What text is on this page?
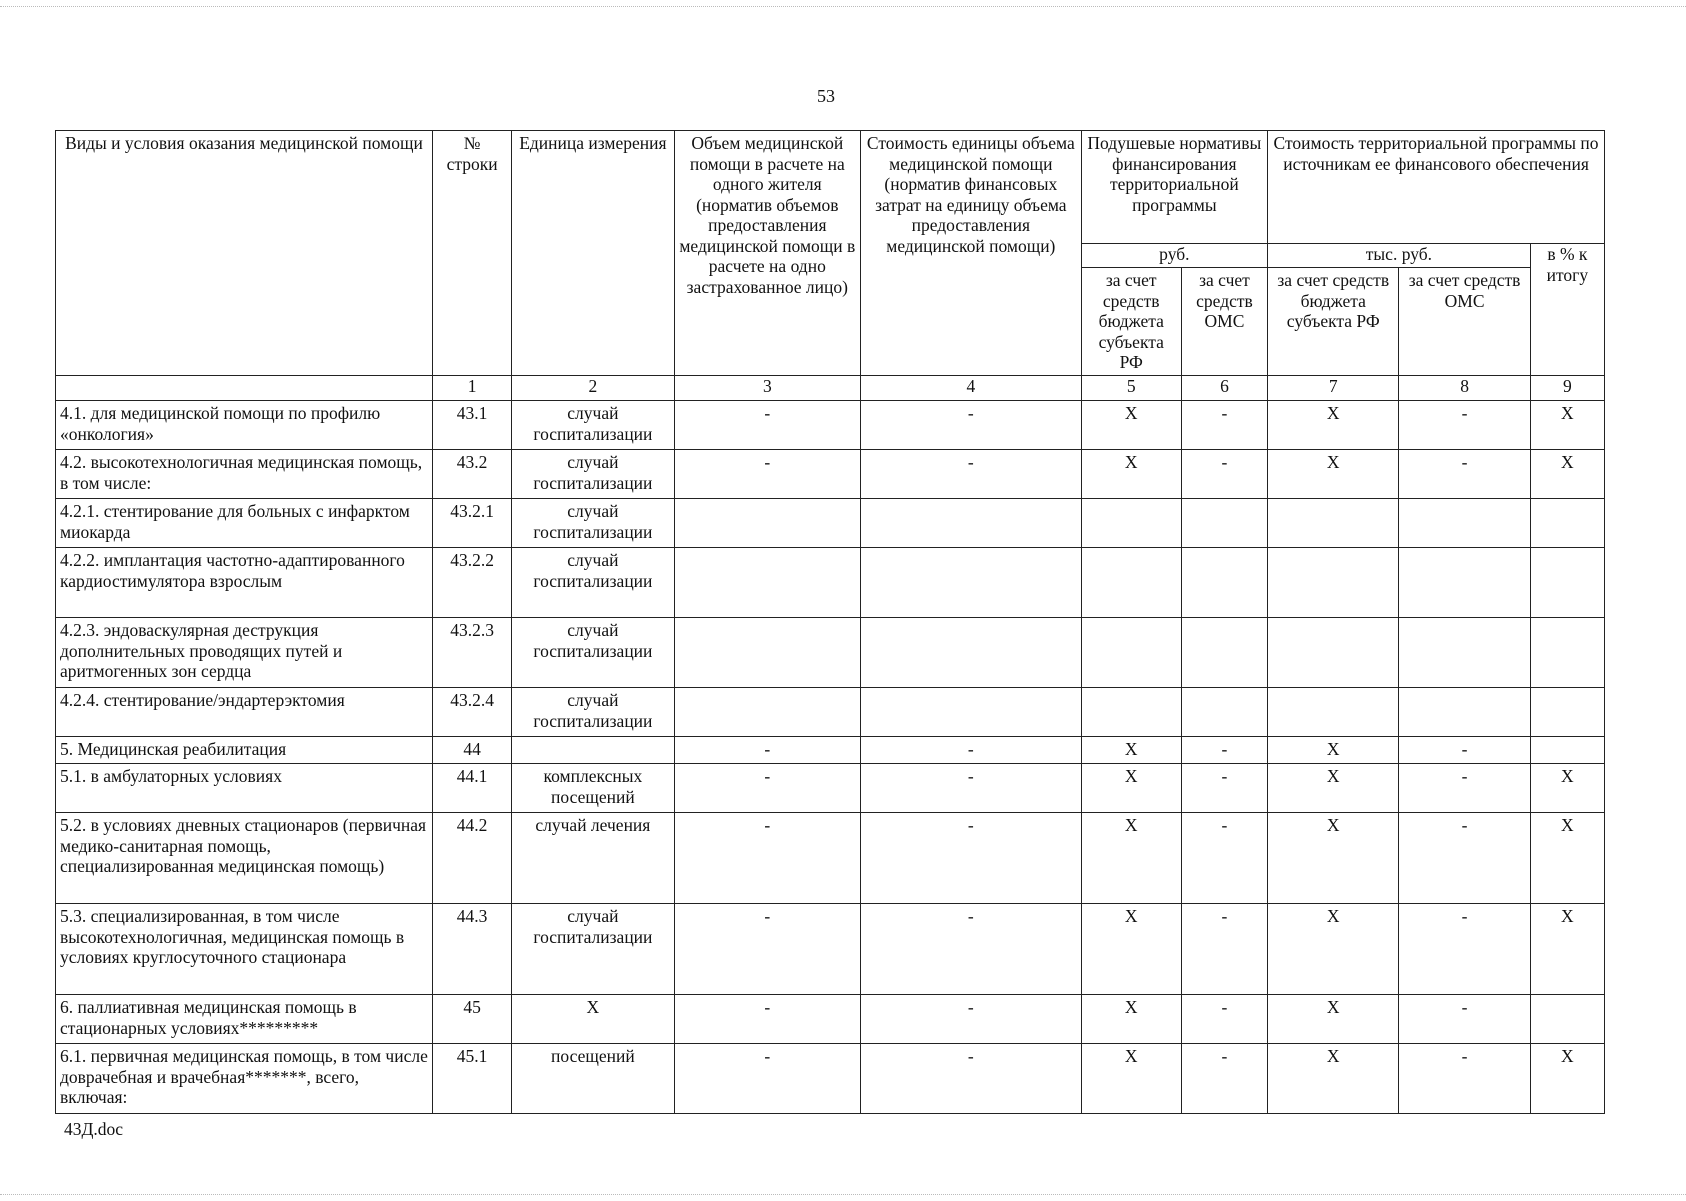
53
Виды и условия оказания медицинской помощи	№ строки	Единица измерения	Объем медицинской помощи в расчете на одного жителя (норматив объемов предоставления медицинской помощи в расчете на одно застрахованное лицо)	Стоимость единицы объема медицинской помощи (норматив финансовых затрат на единицу объема предоставления медицинской помощи)	Подушевые нормативы финансирования территориальной программы		Стоимость территориальной программы по источникам ее финансового обеспечения		
					руб.		тыс. руб.		в % к итогу
					за счет средств бюджета субъекта РФ	за счет средств ОМС	за счет средств бюджета субъекта РФ	за счет средств ОМС	
	1	2	3	4	5	6	7	8	9
4.1. для медицинской помощи по профилю «онкология»	43.1	случай госпитализации	-	-	X	-	X	-	X
4.2. высокотехнологичная медицинская помощь, в том числе:	43.2	случай госпитализации	-	-	X	-	X	-	X
4.2.1. стентирование для больных с инфарктом миокарда	43.2.1	случай госпитализации							
4.2.2. имплантация частотно-адаптированного кардиостимулятора взрослым	43.2.2	случай госпитализации							
4.2.3. эндоваскулярная деструкция дополнительных проводящих путей и аритмогенных зон сердца	43.2.3	случай госпитализации							
4.2.4. стентирование/эндартерэктомия	43.2.4	случай госпитализации							
5. Медицинская реабилитация	44		-	-	X	-	X	-	
5.1. в амбулаторных условиях	44.1	комплексных посещений	-	-	X	-	X	-	X
5.2. в условиях дневных стационаров (первичная медико-санитарная помощь, специализированная медицинская помощь)	44.2	случай лечения	-	-	X	-	X	-	X
5.3. специализированная, в том числе высокотехнологичная, медицинская помощь в условиях круглосуточного стационара	44.3	случай госпитализации	-	-	X	-	X	-	X
6. паллиативная медицинская помощь в стационарных условиях*********	45	X	-	-	X	-	X	-	
6.1. первичная медицинская помощь, в том числе доврачебная и врачебная*******, всего, включая:	45.1	посещений	-	-	X	-	X	-	X
43Д.doc
